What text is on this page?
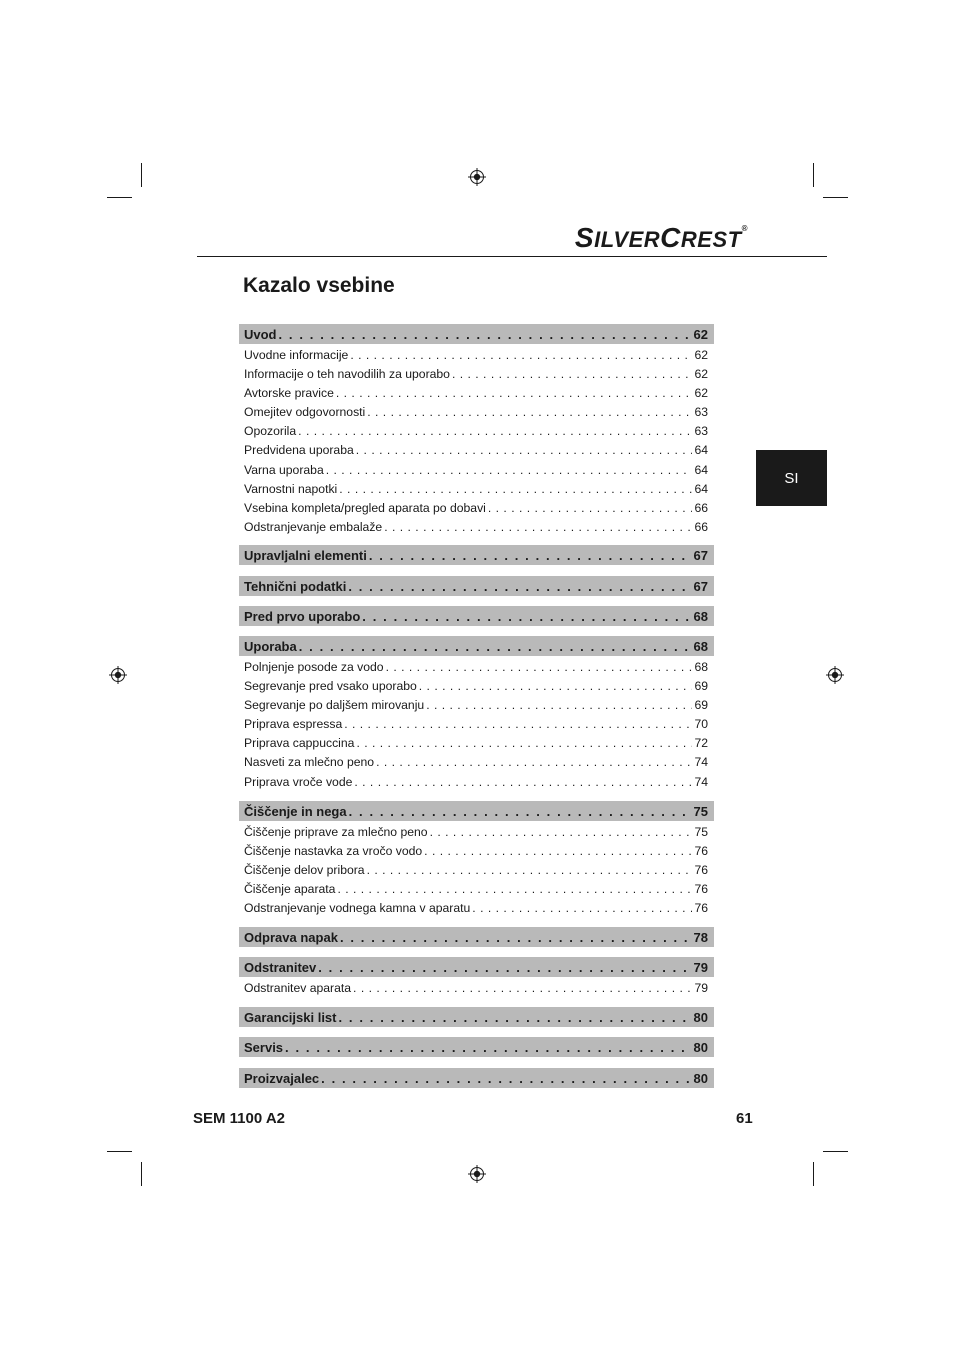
SILVERCREST®
Kazalo vsebine
SI
Uvod . . .	62
Uvodne informacije . . .	62
Informacije o teh navodilih za uporabo . . .	62
Avtorske pravice . . .	62
Omejitev odgovornosti . . .	63
Opozorila . . .	63
Predvidena uporaba . . .	64
Varna uporaba . . .	64
Varnostni napotki . . .	64
Vsebina kompleta/pregled aparata po dobavi . . .	66
Odstranjevanje embalaže . . .	66
Upravljalni elementi . . .	67
Tehnični podatki . . .	67
Pred prvo uporabo . . .	68
Uporaba . . .	68
Polnjenje posode za vodo . . .	68
Segrevanje pred vsako uporabo . . .	69
Segrevanje po daljšem mirovanju . . .	69
Priprava espressa . . .	70
Priprava cappuccina . . .	72
Nasveti za mlečno peno . . .	74
Priprava vroče vode . . .	74
Čiščenje in nega . . .	75
Čiščenje priprave za mlečno peno . . .	75
Čiščenje nastavka za vročo vodo . . .	76
Čiščenje delov pribora . . .	76
Čiščenje aparata . . .	76
Odstranjevanje vodnega kamna v aparatu . . .	76
Odprava napak . . .	78
Odstranitev . . .	79
Odstranitev aparata . . .	79
Garancijski list . . .	80
Servis . . .	80
Proizvajalec . . .	80
SEM 1100 A2	61
